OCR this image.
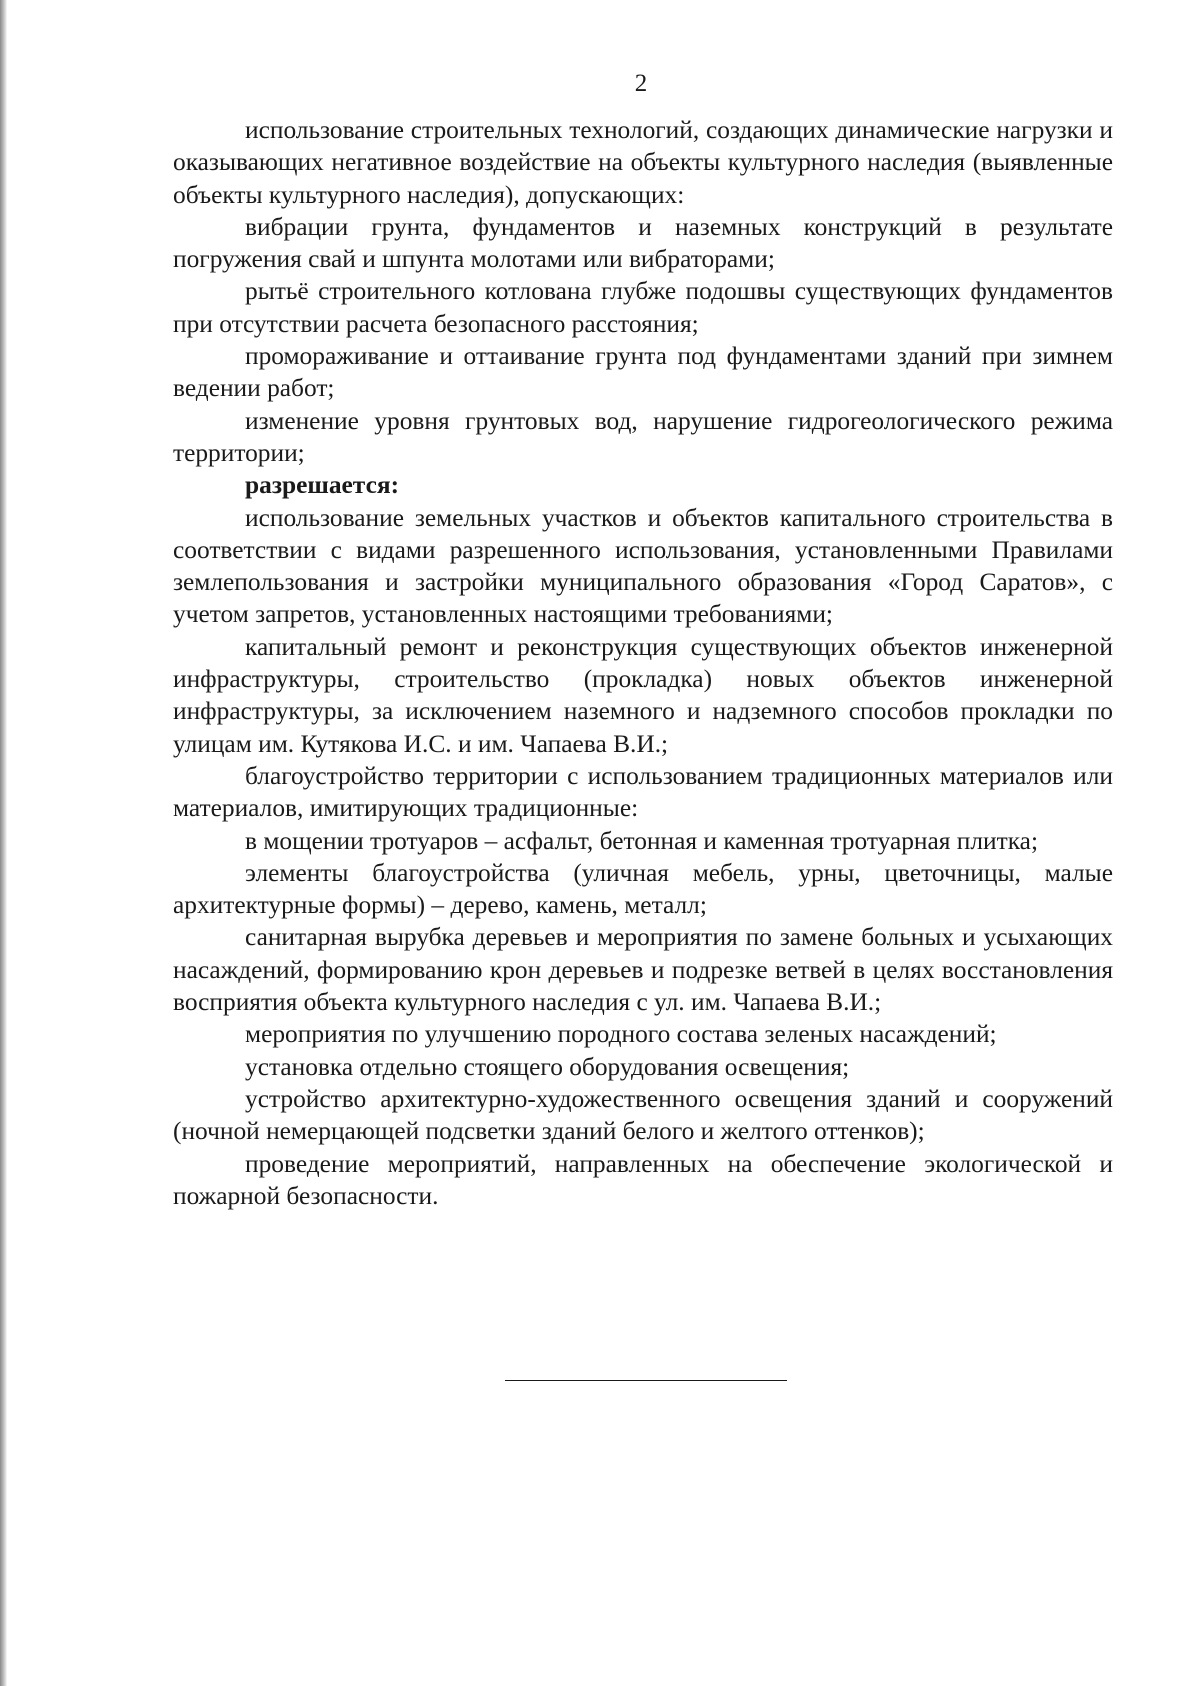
2

использование строительных технологий, создающих динамические нагрузки и оказывающих негативное воздействие на объекты культурного наследия (выявленные объекты культурного наследия), допускающих:

вибрации грунта, фундаментов и наземных конструкций в результате погружения свай и шпунта молотами или вибраторами;

рытьё строительного котлована глубже подошвы существующих фундаментов при отсутствии расчета безопасного расстояния;

промораживание и оттаивание грунта под фундаментами зданий при зимнем ведении работ;

изменение уровня грунтовых вод, нарушение гидрогеологического режима территории;

разрешается:

использование земельных участков и объектов капитального строительства в соответствии с видами разрешенного использования, установленными Правилами землепользования и застройки муниципального образования «Город Саратов», с учетом запретов, установленных настоящими требованиями;

капитальный ремонт и реконструкция существующих объектов инженерной инфраструктуры, строительство (прокладка) новых объектов инженерной инфраструктуры, за исключением наземного и надземного способов прокладки по улицам им. Кутякова И.С. и им. Чапаева В.И.;

благоустройство территории с использованием традиционных материалов или материалов, имитирующих традиционные:

в мощении тротуаров – асфальт, бетонная и каменная тротуарная плитка;

элементы благоустройства (уличная мебель, урны, цветочницы, малые архитектурные формы) – дерево, камень, металл;

санитарная вырубка деревьев и мероприятия по замене больных и усыхающих насаждений, формированию крон деревьев и подрезке ветвей в целях восстановления восприятия объекта культурного наследия с ул. им. Чапаева В.И.;

мероприятия по улучшению породного состава зеленых насаждений;

установка отдельно стоящего оборудования освещения;

устройство архитектурно-художественного освещения зданий и сооружений (ночной немерцающей подсветки зданий белого и желтого оттенков);

проведение мероприятий, направленных на обеспечение экологической и пожарной безопасности.
